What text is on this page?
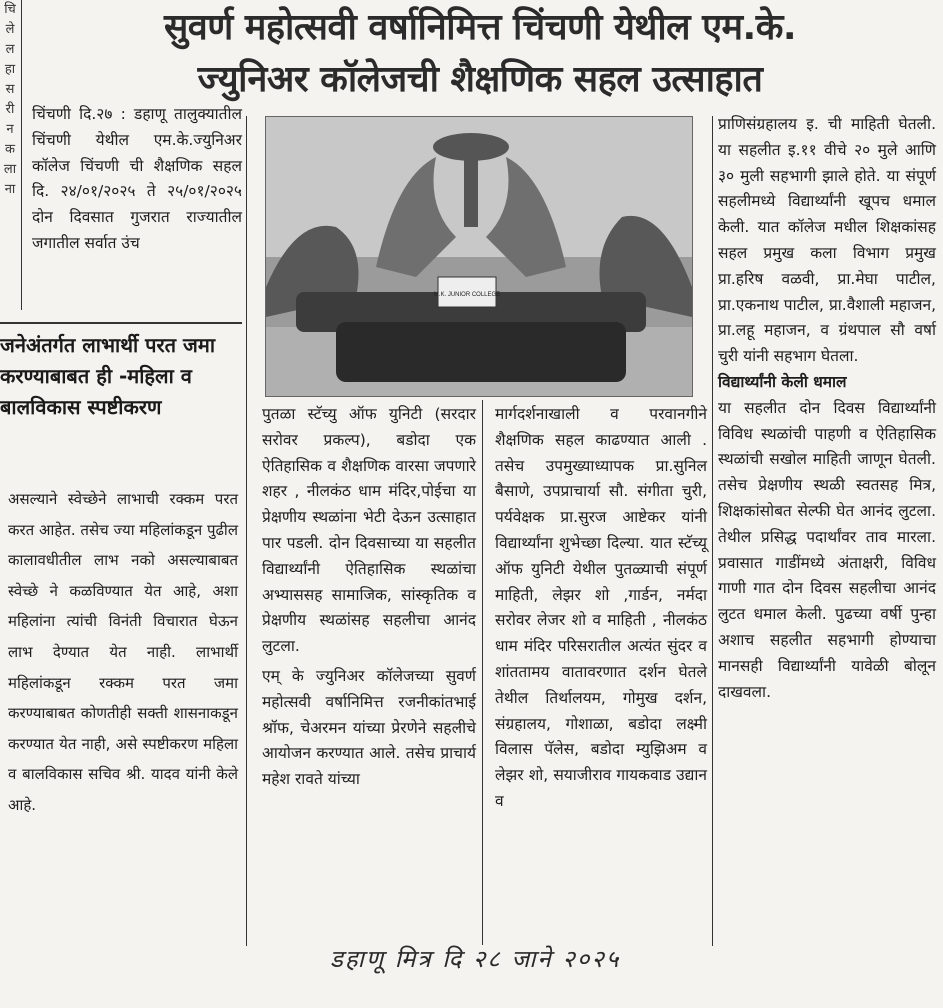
चि
ले
ल
हा
स
री
न
क
ला
ना
सुवर्ण महोत्सवी वर्षानिमित्त चिंचणी येथील एम.के.
ज्युनिअर कॉलेजची शैक्षणिक सहल उत्साहात

चिंचणी दि.२७ : डहाणू तालुक्यातील चिंचणी येथील एम.के.ज्युनिअर कॉलेज चिंचणी ची शैक्षणिक सहल दि. २४/०१/२०२५ ते २५/०१/२०२५ दोन दिवसात गुजरात राज्यातील जगातील सर्वात उंच

जनेअंतर्गत लाभार्थी परत जमा करण्याबाबत ही -महिला व बालविकास स्पष्टीकरण

असल्याने स्वेच्छेने लाभाची रक्कम परत करत आहेत. तसेच ज्या महिलांकडून पुढील कालावधीतील लाभ नको असल्याबाबत स्वेच्छे ने कळविण्यात येत आहे, अशा महिलांना त्यांची विनंती विचारात घेऊन लाभ देण्यात येत नाही. लाभार्थी महिलांकडून रक्कम परत जमा करण्याबाबत कोणतीही सक्ती शासनाकडून करण्यात येत नाही, असे स्पष्टीकरण महिला व बालविकास सचिव श्री. यादव यांनी केले आहे.

M.K. JUNIOR COLLEGE

पुतळा स्टॅच्यु ऑफ युनिटी (सरदार सरोवर प्रकल्प), बडोदा एक ऐतिहासिक व शैक्षणिक वारसा जपणारे शहर , नीलकंठ धाम मंदिर,पोईचा या प्रेक्षणीय स्थळांना भेटी देऊन उत्साहात पार पडली. दोन दिवसाच्या या सहलीत विद्यार्थ्यांनी ऐतिहासिक स्थळांचा अभ्याससह सामाजिक, सांस्कृतिक व प्रेक्षणीय स्थळांसह सहलीचा आनंद लुटला.

एम् के ज्युनिअर कॉलेजच्या सुवर्ण महोत्सवी वर्षानिमित्त रजनीकांतभाई श्रॉफ, चेअरमन यांच्या प्रेरणेने सहलीचे आयोजन करण्यात आले. तसेच प्राचार्य महेश रावते यांच्या

मार्गदर्शनाखाली व परवानगीने शैक्षणिक सहल काढण्यात आली . तसेच उपमुख्याध्यापक प्रा.सुनिल बैसाणे, उपप्राचार्या सौ. संगीता चुरी, पर्यवेक्षक प्रा.सुरज आष्टेकर यांनी विद्यार्थ्यांना शुभेच्छा दिल्या. यात स्टॅच्यू ऑफ युनिटी येथील पुतळ्याची संपूर्ण माहिती, लेझर शो ,गार्डन, नर्मदा सरोवर लेजर शो व माहिती , नीलकंठ धाम मंदिर परिसरातील अत्यंत सुंदर व शांततामय वातावरणात दर्शन घेतले तेथील तिर्थालयम, गोमुख दर्शन, संग्रहालय, गोशाळा, बडोदा लक्ष्मी विलास पॅलेस, बडोदा म्युझिअम व लेझर शो, सयाजीराव गायकवाड उद्यान व

प्राणिसंग्रहालय इ. ची माहिती घेतली. या सहलीत इ.११ वीचे २० मुले आणि ३० मुली सहभागी झाले होते. या संपूर्ण सहलीमध्ये विद्यार्थ्यांनी खूपच धमाल केली. यात कॉलेज मधील शिक्षकांसह सहल प्रमुख कला विभाग प्रमुख प्रा.हरिष वळवी, प्रा.मेघा पाटील, प्रा.एकनाथ पाटील, प्रा.वैशाली महाजन, प्रा.लहू महाजन, व ग्रंथपाल सौ वर्षा चुरी यांनी सहभाग घेतला.

विद्यार्थ्यांनी केली धमाल

या सहलीत दोन दिवस विद्यार्थ्यांनी विविध स्थळांची पाहणी व ऐतिहासिक स्थळांची सखोल माहिती जाणून घेतली. तसेच प्रेक्षणीय स्थळी स्वतसह मित्र, शिक्षकांसोबत सेल्फी घेत आनंद लुटला. तेथील प्रसिद्ध पदार्थांवर ताव मारला. प्रवासात गाडींमध्ये अंताक्षरी, विविध गाणी गात दोन दिवस सहलीचा आनंद लुटत धमाल केली. पुढच्या वर्षी पुन्हा अशाच सहलीत सहभागी होण्याचा मानसही विद्यार्थ्यांनी यावेळी बोलून दाखवला.

डहाणू मित्र दि २८ जाने २०२५
